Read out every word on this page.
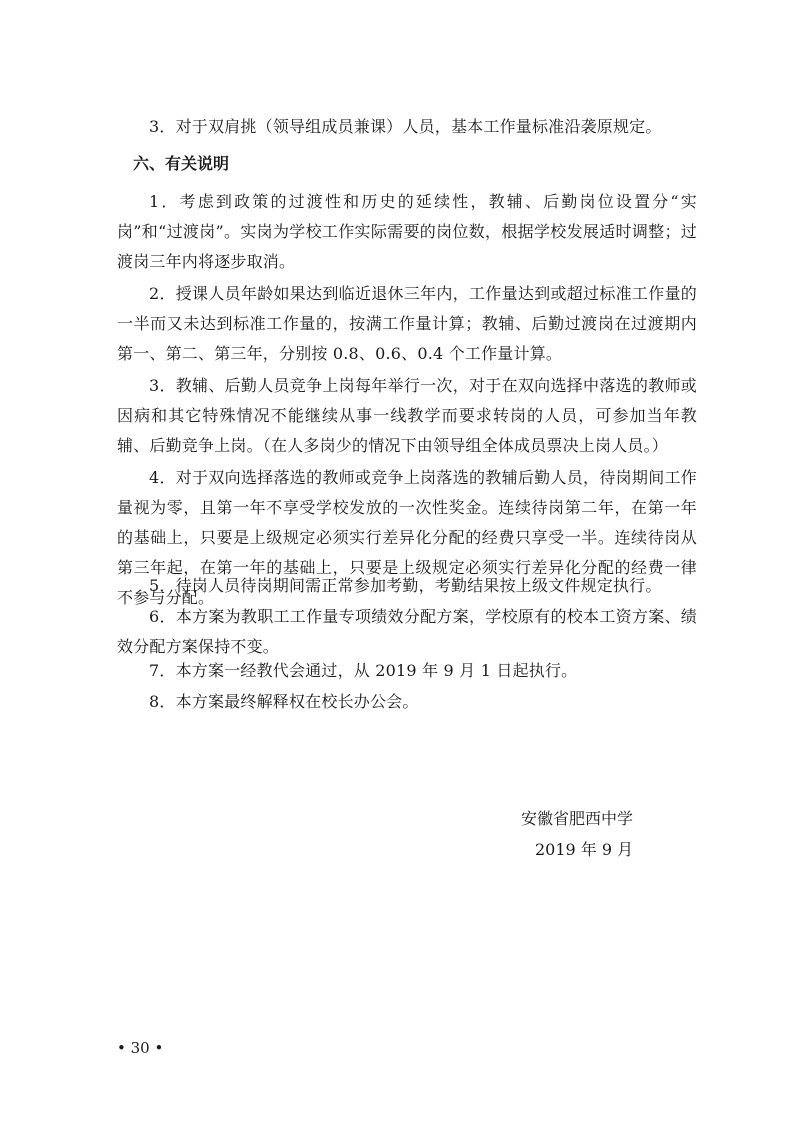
3．对于双肩挑（领导组成员兼课）人员，基本工作量标准沿袭原规定。

六、有关说明

1．考虑到政策的过渡性和历史的延续性，教辅、后勤岗位设置分“实岗”和“过渡岗”。实岗为学校工作实际需要的岗位数，根据学校发展适时调整；过渡岗三年内将逐步取消。

2．授课人员年龄如果达到临近退休三年内，工作量达到或超过标准工作量的一半而又未达到标准工作量的，按满工作量计算；教辅、后勤过渡岗在过渡期内第一、第二、第三年，分别按 0.8、0.6、0.4 个工作量计算。

3．教辅、后勤人员竞争上岗每年举行一次，对于在双向选择中落选的教师或因病和其它特殊情况不能继续从事一线教学而要求转岗的人员，可参加当年教辅、后勤竞争上岗。（在人多岗少的情况下由领导组全体成员票决上岗人员。）

4．对于双向选择落选的教师或竞争上岗落选的教辅后勤人员，待岗期间工作量视为零，且第一年不享受学校发放的一次性奖金。连续待岗第二年，在第一年的基础上，只要是上级规定必须实行差异化分配的经费只享受一半。连续待岗从第三年起，在第一年的基础上，只要是上级规定必须实行差异化分配的经费一律不参与分配。

5．待岗人员待岗期间需正常参加考勤，考勤结果按上级文件规定执行。

6．本方案为教职工工作量专项绩效分配方案，学校原有的校本工资方案、绩效分配方案保持不变。

7．本方案一经教代会通过，从 2019 年 9 月 1 日起执行。

8．本方案最终解释权在校长办公会。

安徽省肥西中学

2019 年 9 月

• 30 •
